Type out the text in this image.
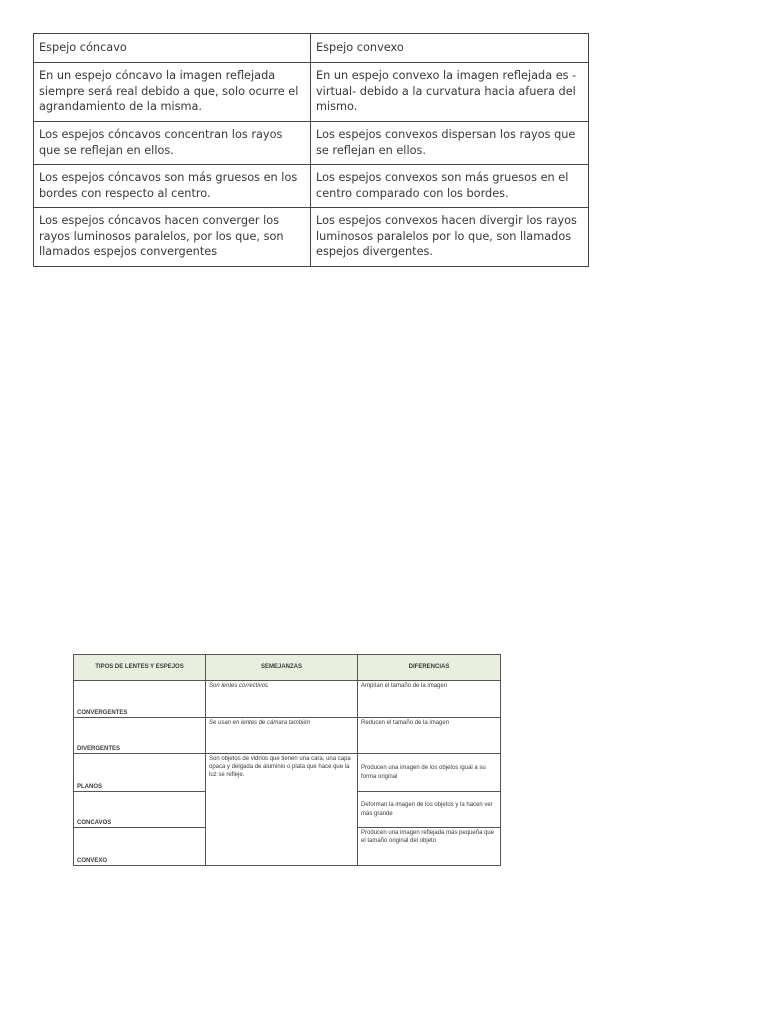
Espejo cóncavo	Espejo convexo
En un espejo cóncavo la imagen reflejada siempre será real debido a que, solo ocurre el agrandamiento de la misma.	En un espejo convexo la imagen reflejada es -virtual- debido a la curvatura hacia afuera del mismo.
Los espejos cóncavos concentran los rayos que se reflejan en ellos.	Los espejos convexos dispersan los rayos que se reflejan en ellos.
Los espejos cóncavos son más gruesos en los bordes con respecto al centro.	Los espejos convexos son más gruesos en el centro comparado con los bordes.
Los espejos cóncavos hacen converger los rayos luminosos paralelos, por los que, son llamados espejos convergentes	Los espejos convexos hacen divergir los rayos luminosos paralelos por lo que, son llamados espejos divergentes.
TIPOS DE LENTES Y ESPEJOS	SEMEJANZAS	DIFERENCIAS
CONVERGENTES	Son lentes correctivos	Amplían el tamaño de la imagen
DIVERGENTES	Se usan en lentes de cámara también	Reducen el tamaño de la imagen
PLANOS	Son objetos de vidrios que tienen una cara, una capa opaca y delgada de aluminio o plata que hace que la luz se refleje.	Producen una imagen de los objetos igual a su forma original
CONCAVOS		Deforman la imagen de los objetos y la hacen ver más grande
CONVEXO		Producen una imagen reflejada más pequeña que el tamaño original del objeto
